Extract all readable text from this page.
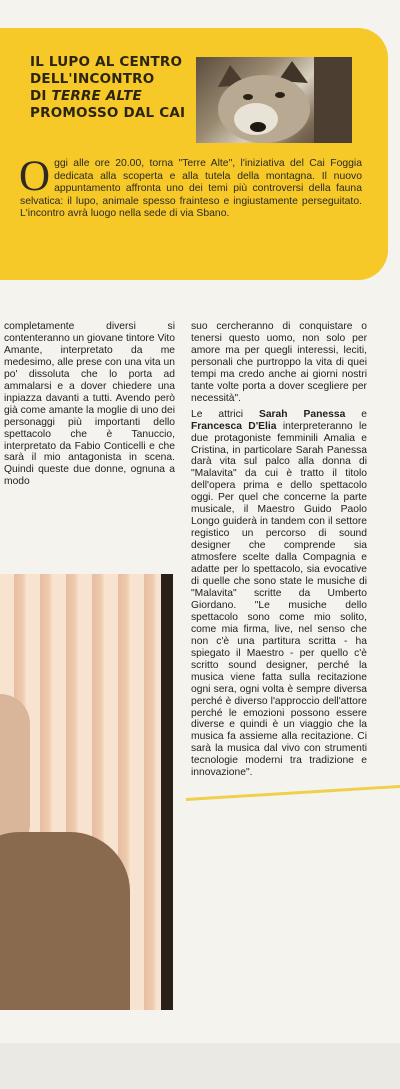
IL LUPO AL CENTRO
DELL'INCONTRO
DI TERRE ALTE
PROMOSSO DAL CAI

Oggi alle ore 20.00, torna "Terre Alte", l'iniziativa del Cai Foggia dedicata alla scoperta e alla tutela della montagna. Il nuovo appuntamento affronta uno dei temi più controversi della fauna selvatica: il lupo, animale spesso frainteso e ingiustamente perseguitato. L'incontro avrà luogo nella sede di via Sbano.

completamente diversi si contenteranno un giovane tintore Vito Amante, interpretato da me medesimo, alle prese con una vita un po' dissoluta che lo porta ad ammalarsi e a dover chiedere una inpiazza davanti a tutti. Avendo però già come amante la moglie di uno dei personaggi più importanti dello spettacolo che è Tanuccio, interpretato da Fabio Conticelli e che sarà il mio antagonista in scena. Quindi queste due donne, ognuna a modo

suo cercheranno di conquistare o tenersi questo uomo, non solo per amore ma per quegli interessi, leciti, personali che purtroppo la vita di quei tempi ma credo anche ai giorni nostri tante volte porta a dover scegliere per necessità".

Le attrici Sarah Panessa e Francesca D'Elia interpreteranno le due protagoniste femminili Amalia e Cristina, in particolare Sarah Panessa darà vita sul palco alla donna di "Malavita" da cui è tratto il titolo dell'opera prima e dello spettacolo oggi. Per quel che concerne la parte musicale, il Maestro Guido Paolo Longo guiderà in tandem con il settore registico un percorso di sound designer che comprende sia atmosfere scelte dalla Compagnia e adatte per lo spettacolo, sia evocative di quelle che sono state le musiche di "Malavita" scritte da Umberto Giordano. "Le musiche dello spettacolo sono come mio solito, come mia firma, live, nel senso che non c'è una partitura scritta - ha spiegato il Maestro - per quello c'è scritto sound designer, perché la musica viene fatta sulla recitazione ogni sera, ogni volta è sempre diversa perché è diverso l'approccio dell'attore perché le emozioni possono essere diverse e quindi è un viaggio che la musica fa assieme alla recitazione. Ci sarà la musica dal vivo con strumenti tecnologie moderni tra tradizione e innovazione".
